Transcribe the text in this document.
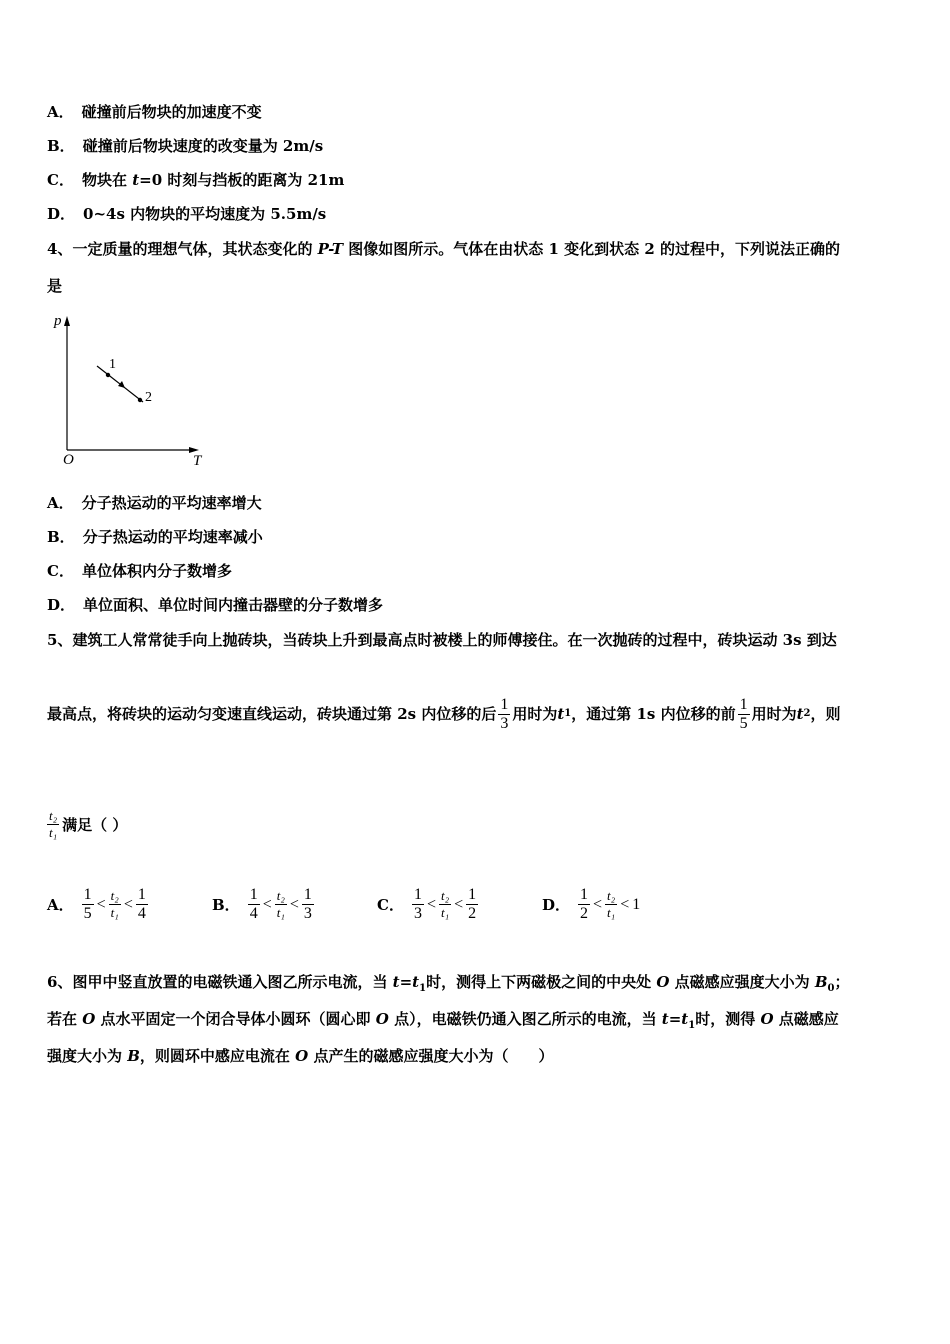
A． 碰撞前后物块的加速度不变
B． 碰撞前后物块速度的改变量为 2m/s
C． 物块在 t=0 时刻与挡板的距离为 21m
D． 0~4s 内物块的平均速度为 5.5m/s
4、一定质量的理想气体，其状态变化的 P-T 图像如图所示。气体在由状态 1 变化到状态 2 的过程中，下列说法正确的
是
p
T
O
1
2
A． 分子热运动的平均速率增大
B． 分子热运动的平均速率减小
C． 单位体积内分子数增多
D． 单位面积、单位时间内撞击器壁的分子数增多
5、建筑工人常常徒手向上抛砖块，当砖块上升到最高点时被楼上的师傅接住。在一次抛砖的过程中，砖块运动 3s 到达
最高点，将砖块的运动匀变速直线运动，砖块通过第 2s 内位移的后 $\frac{1}{3}$ 用时为 t 1 ，通过第 1s 内位移的前 $\frac{1}{5}$ 用时为 t 2 ，则
$\frac{\text{t₂}}{\text{t₁}}$ 满足（ ）
A． $\frac{1}{5} < \frac{\text{t₂}}{\text{t₁}} < \frac{1}{4}$	B． $\frac{1}{4} < \frac{\text{t₂}}{\text{t₁}} < \frac{1}{3}$	C． $\frac{1}{3} < \frac{\text{t₂}}{\text{t₁}} < \frac{1}{2}$	D． $\frac{1}{2} < \frac{\text{t₂}}{\text{t₁}} < 1$
6、图甲中竖直放置的电磁铁通入图乙所示电流，当 $t=t_1$时，测得上下两磁极之间的中央处 O 点磁感应强度大小为 $B_0$；
若在 O 点水平固定一个闭合导体小圆环（圆心即 O 点），电磁铁仍通入图乙所示的电流，当 $t=t_1$时，测得 O 点磁感应
强度大小为 B，则圆环中感应电流在 O 点产生的磁感应强度大小为（　　）
